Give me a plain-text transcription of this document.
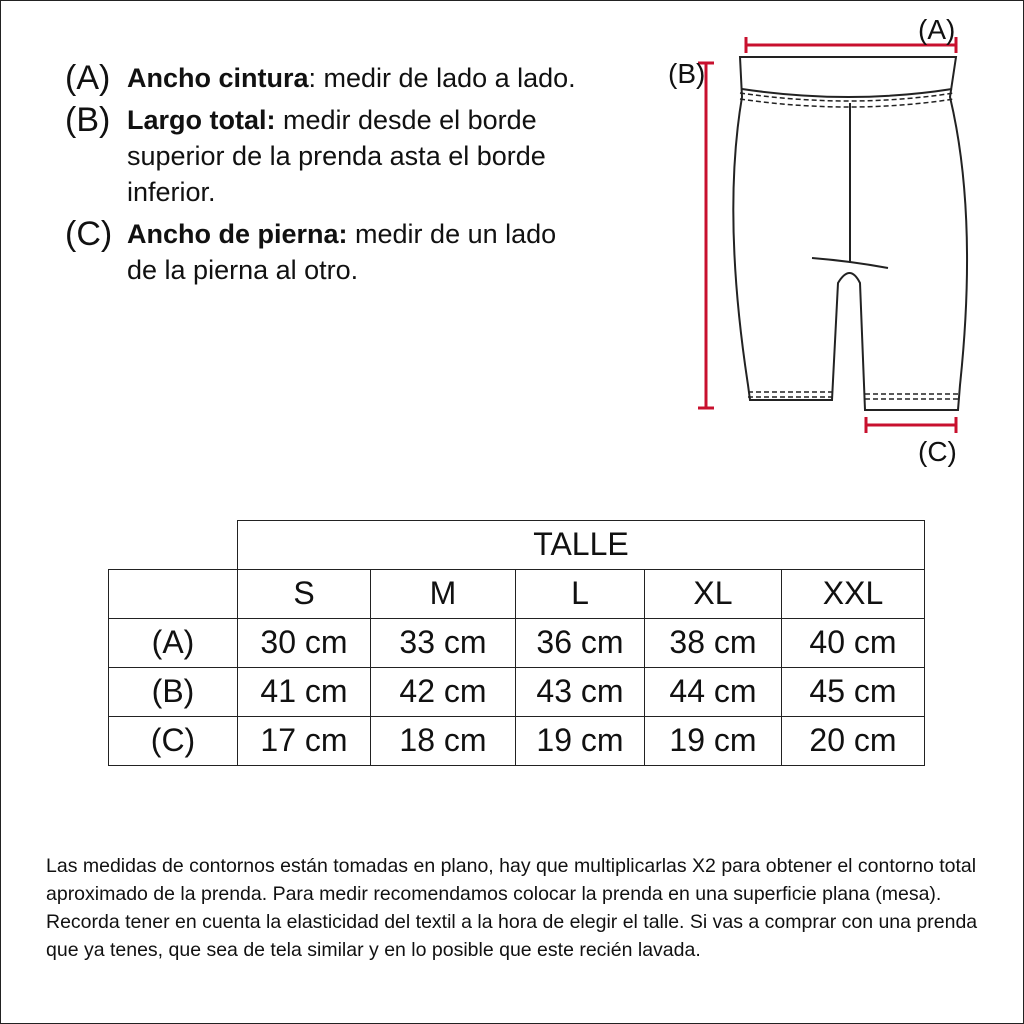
(A) Ancho cintura: medir de lado a lado.
(B) Largo total: medir desde el borde superior de la prenda asta el borde inferior.
(C) Ancho de pierna: medir de un lado de la pierna al otro.
(A)
(B)
(C)
	TALLE				
	S	M	L	XL	XXL
(A)	30 cm	33 cm	36 cm	38 cm	40 cm
(B)	41 cm	42 cm	43 cm	44 cm	45 cm
(C)	17 cm	18 cm	19 cm	19 cm	20 cm

Las medidas de contornos están tomadas en plano, hay que multiplicarlas X2 para obtener el contorno total aproximado de la prenda. Para medir recomendamos colocar la prenda en una superficie plana (mesa). Recorda tener en cuenta la elasticidad del textil a la hora de elegir el talle. Si vas a comprar con una prenda que ya tenes, que sea de tela similar y en lo posible que este recién lavada.
